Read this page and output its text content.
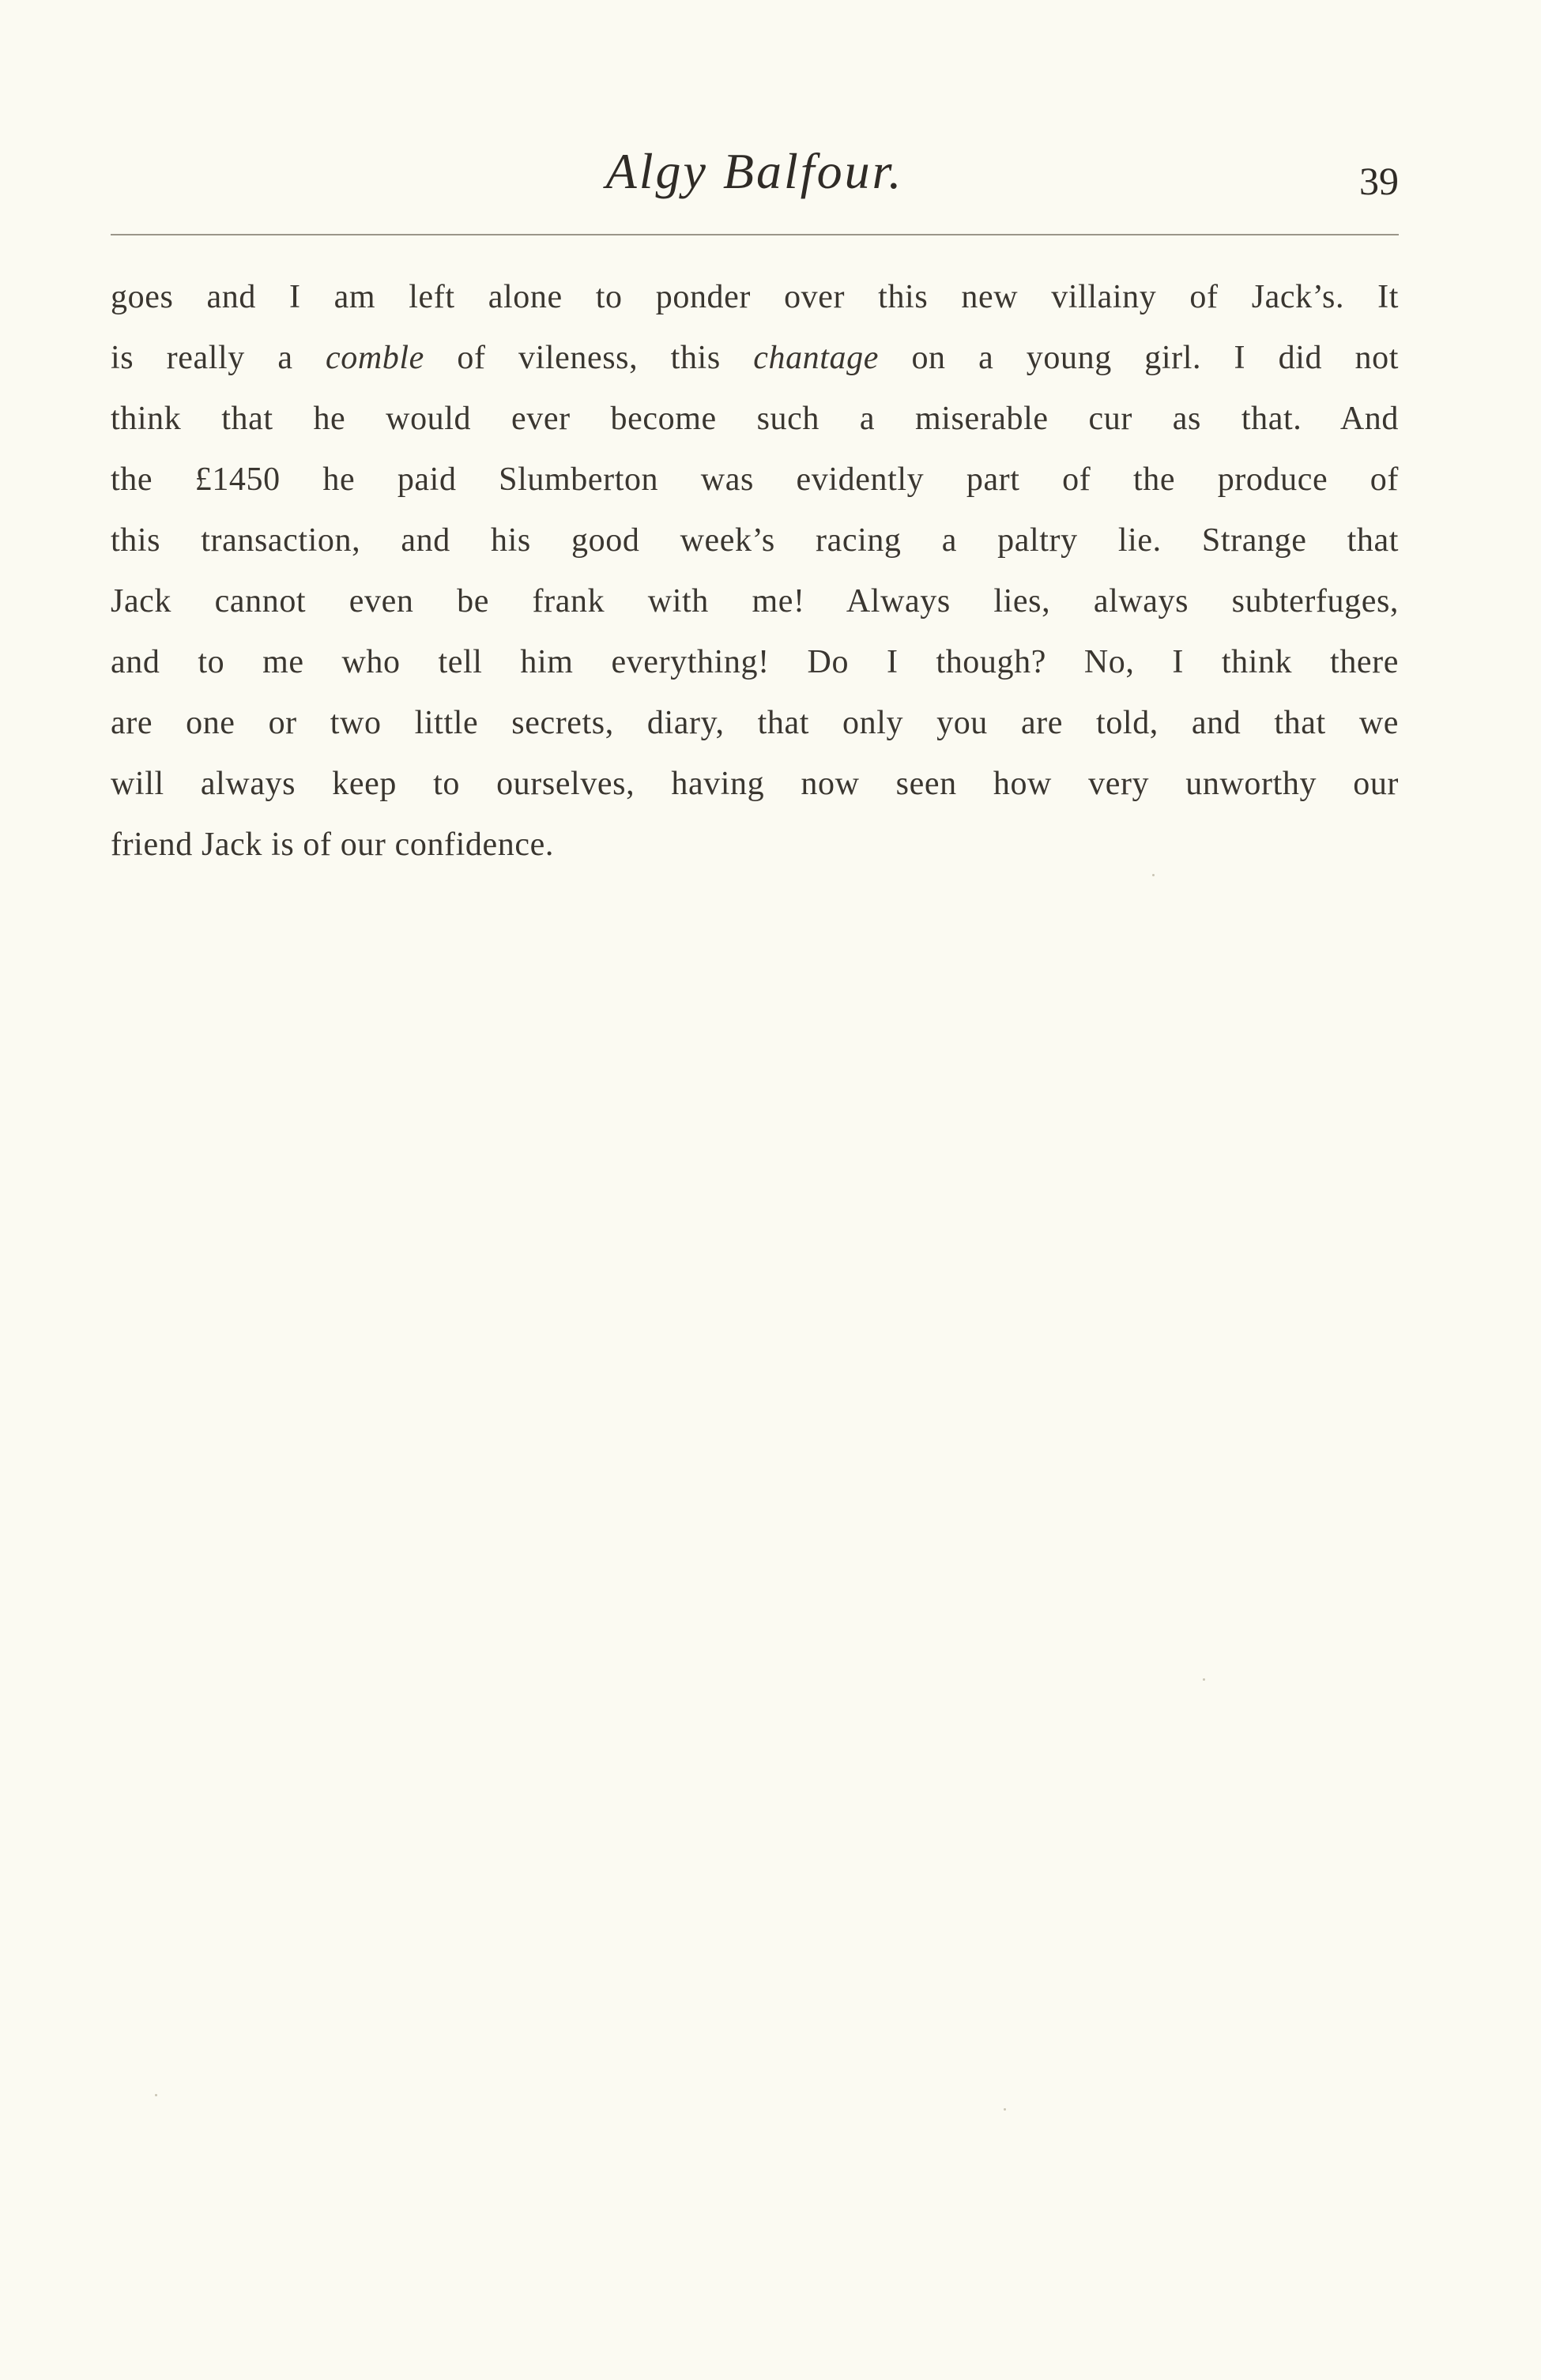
Algy Balfour.	39
goes and I am left alone to ponder over this new villainy of Jack’s. It
is really a comble of vileness, this chantage on a young girl. I did not
think that he would ever become such a miserable cur as that. And
the £1450 he paid Slumberton was evidently part of the produce of
this transaction, and his good week’s racing a paltry lie. Strange that
Jack cannot even be frank with me! Always lies, always subterfuges,
and to me who tell him everything! Do I though? No, I think there
are one or two little secrets, diary, that only you are told, and that we
will always keep to ourselves, having now seen how very unworthy our
friend Jack is of our confidence.
